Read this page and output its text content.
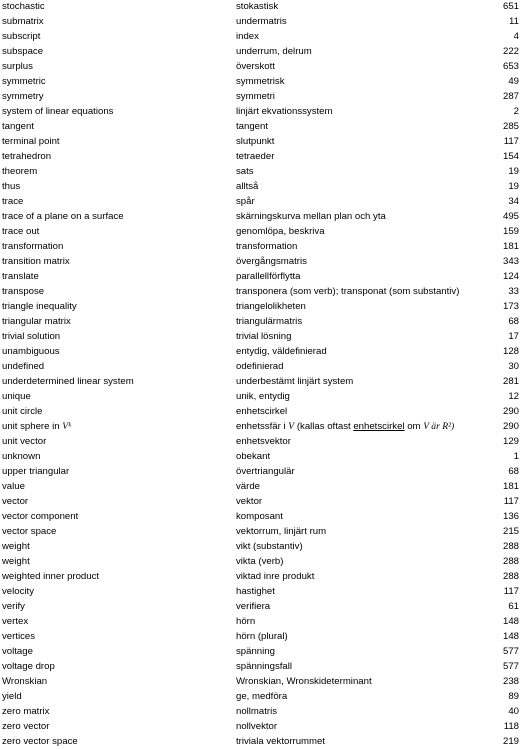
stochastic	stokastisk	651
submatrix	undermatris	11
subscript	index	4
subspace	underrum, delrum	222
surplus	överskott	653
symmetric	symmetrisk	49
symmetry	symmetri	287
system of linear equations	linjärt ekvationssystem	2
tangent	tangent	285
terminal point	slutpunkt	117
tetrahedron	tetraeder	154
theorem	sats	19
thus	alltså	19
trace	spår	34
trace of a plane on a surface	skärningskurva mellan plan och yta	495
trace out	genomlöpa, beskriva	159
transformation	transformation	181
transition matrix	övergångsmatris	343
translate	parallellförflytta	124
transpose	transponera (som verb); transponat (som substantiv)	33
triangle inequality	triangelolikheten	173
triangular matrix	triangulärmatris	68
trivial solution	trivial lösning	17
unambiguous	entydig, väldefinierad	128
undefined	odefinierad	30
underdetermined linear system	underbestämt linjärt system	281
unique	unik, entydig	12
unit circle	enhetscirkel	290
unit sphere in Vᵏ	enhetssfär i V (kallas oftast enhetscirkel om V är R²)	290
unit vector	enhetsvektor	129
unknown	obekant	1
upper triangular	övertriangulär	68
value	värde	181
vector	vektor	117
vector component	komposant	136
vector space	vektorrum, linjärt rum	215
weight	vikt (substantiv)	288
weight	vikta (verb)	288
weighted inner product	viktad inre produkt	288
velocity	hastighet	117
verify	verifiera	61
vertex	hörn	148
vertices	hörn (plural)	148
voltage	spänning	577
voltage drop	spänningsfall	577
Wronskian	Wronskian, Wronskideterminant	238
yield	ge, medföra	89
zero matrix	nollmatris	40
zero vector	nollvektor	118
zero vector space	triviala vektorrummet	219
